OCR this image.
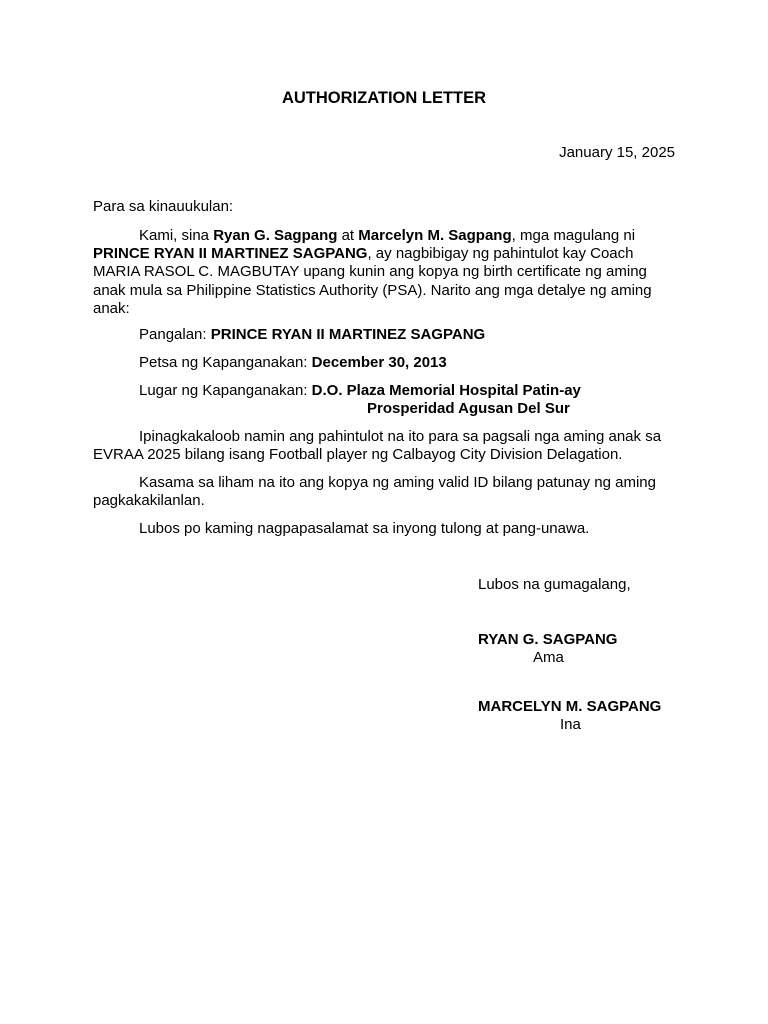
AUTHORIZATION LETTER
January 15, 2025
Para sa kinauukulan:
Kami, sina Ryan G. Sagpang at Marcelyn M. Sagpang, mga magulang ni PRINCE RYAN II MARTINEZ SAGPANG, ay nagbibigay ng pahintulot kay Coach MARIA RASOL C. MAGBUTAY upang kunin ang kopya ng birth certificate ng aming anak mula sa Philippine Statistics Authority (PSA). Narito ang mga detalye ng aming anak:
Pangalan: PRINCE RYAN II MARTINEZ SAGPANG
Petsa ng Kapanganakan: December 30, 2013
Lugar ng Kapanganakan: D.O. Plaza Memorial Hospital Patin-ay
Prosperidad Agusan Del Sur
Ipinagkakaloob namin ang pahintulot na ito para sa pagsali nga aming anak sa EVRAA 2025 bilang isang Football player ng Calbayog City Division Delagation.
Kasama sa liham na ito ang kopya ng aming valid ID bilang patunay ng aming pagkakakilanlan.
Lubos po kaming nagpapasalamat sa inyong tulong at pang-unawa.
Lubos na gumagalang,
RYAN G. SAGPANG
Ama
MARCELYN M. SAGPANG
Ina
